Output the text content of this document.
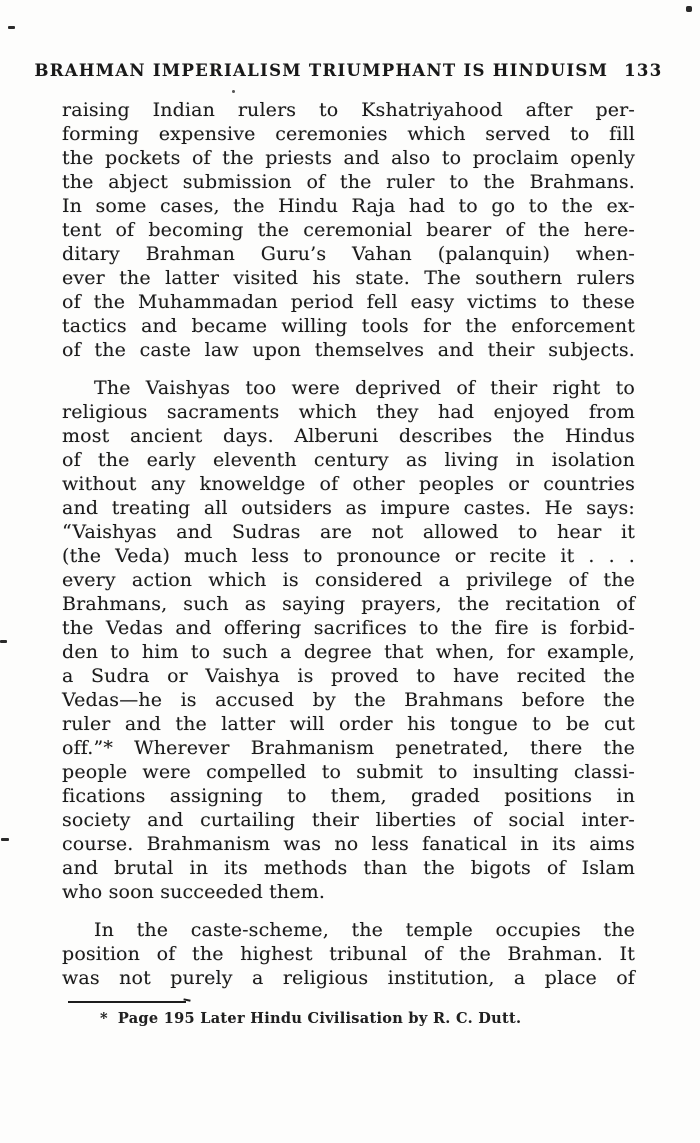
BRAHMAN IMPERIALISM TRIUMPHANT IS HINDUISM 133

raising Indian rulers to Kshatriyahood after per-
forming expensive ceremonies which served to fill
the pockets of the priests and also to proclaim openly
the abject submission of the ruler to the Brahmans.
In some cases, the Hindu Raja had to go to the ex-
tent of becoming the ceremonial bearer of the here-
ditary Brahman Guru’s Vahan (palanquin) when-
ever the latter visited his state. The southern rulers
of the Muhammadan period fell easy victims to these
tactics and became willing tools for the enforcement
of the caste law upon themselves and their subjects.

The Vaishyas too were deprived of their right to
religious sacraments which they had enjoyed from
most ancient days. Alberuni describes the Hindus
of the early eleventh century as living in isolation
without any knoweldge of other peoples or countries
and treating all outsiders as impure castes. He says:
“Vaishyas and Sudras are not allowed to hear it
(the Veda) much less to pronounce or recite it . . .
every action which is considered a privilege of the
Brahmans, such as saying prayers, the recitation of
the Vedas and offering sacrifices to the fire is forbid-
den to him to such a degree that when, for example,
a Sudra or Vaishya is proved to have recited the
Vedas—he is accused by the Brahmans before the
ruler and the latter will order his tongue to be cut
off.”* Wherever Brahmanism penetrated, there the
people were compelled to submit to insulting classi-
fications assigning to them, graded positions in
society and curtailing their liberties of social inter-
course. Brahmanism was no less fanatical in its aims
and brutal in its methods than the bigots of Islam
who soon succeeded them.

In the caste-scheme, the temple occupies the
position of the highest tribunal of the Brahman. It
was not purely a religious institution, a place of

* Page 195 Later Hindu Civilisation by R. C. Dutt.
